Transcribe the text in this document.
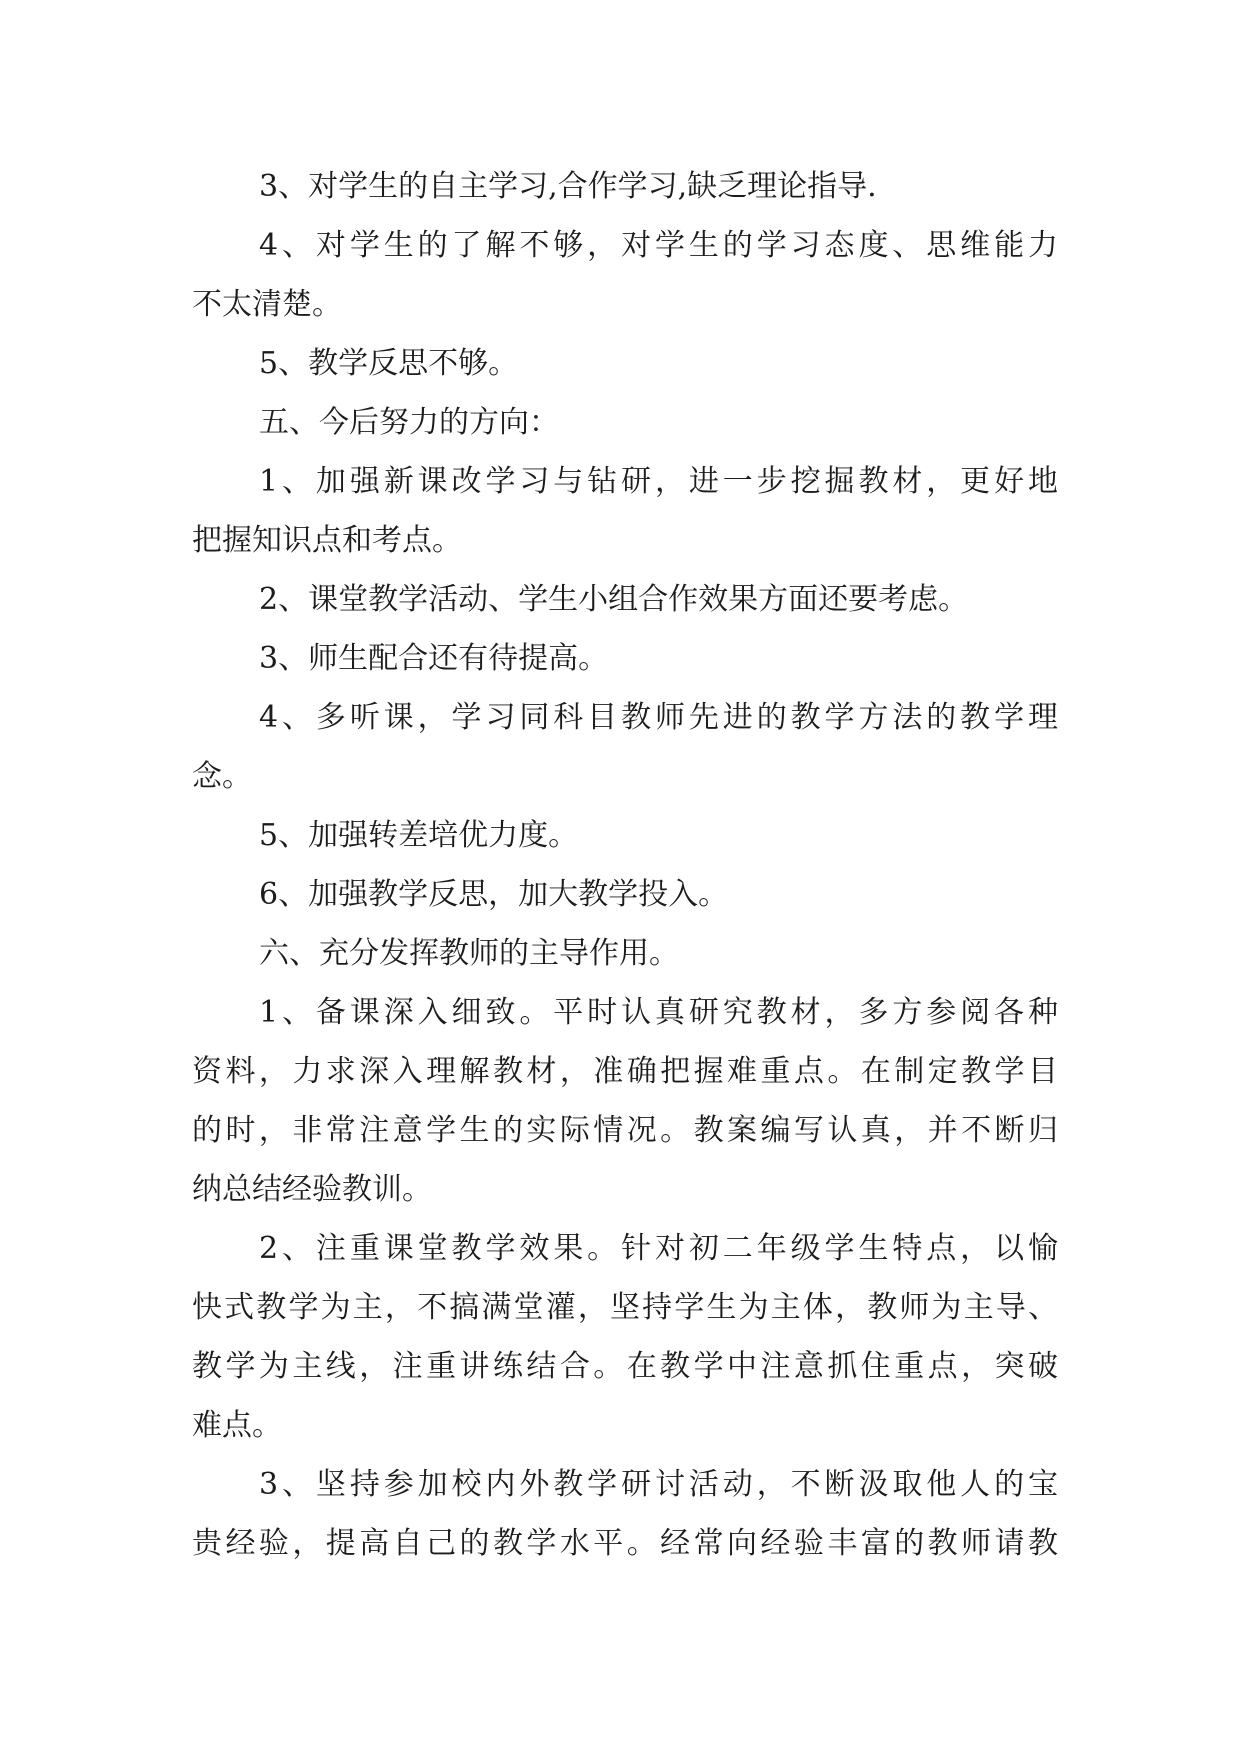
3、对学生的自主学习,合作学习,缺乏理论指导.
4、对学生的了解不够，对学生的学习态度、思维能力
不太清楚。
5、教学反思不够。
五、今后努力的方向：
1、加强新课改学习与钻研，进一步挖掘教材，更好地
把握知识点和考点。
2、课堂教学活动、学生小组合作效果方面还要考虑。
3、师生配合还有待提高。
4、多听课，学习同科目教师先进的教学方法的教学理
念。
5、加强转差培优力度。
6、加强教学反思，加大教学投入。
六、充分发挥教师的主导作用。
1、备课深入细致。平时认真研究教材，多方参阅各种
资料，力求深入理解教材，准确把握难重点。在制定教学目
的时，非常注意学生的实际情况。教案编写认真，并不断归
纳总结经验教训。
2、注重课堂教学效果。针对初二年级学生特点，以愉
快式教学为主，不搞满堂灌，坚持学生为主体，教师为主导、
教学为主线，注重讲练结合。在教学中注意抓住重点，突破
难点。
3、坚持参加校内外教学研讨活动，不断汲取他人的宝
贵经验，提高自己的教学水平。经常向经验丰富的教师请教
